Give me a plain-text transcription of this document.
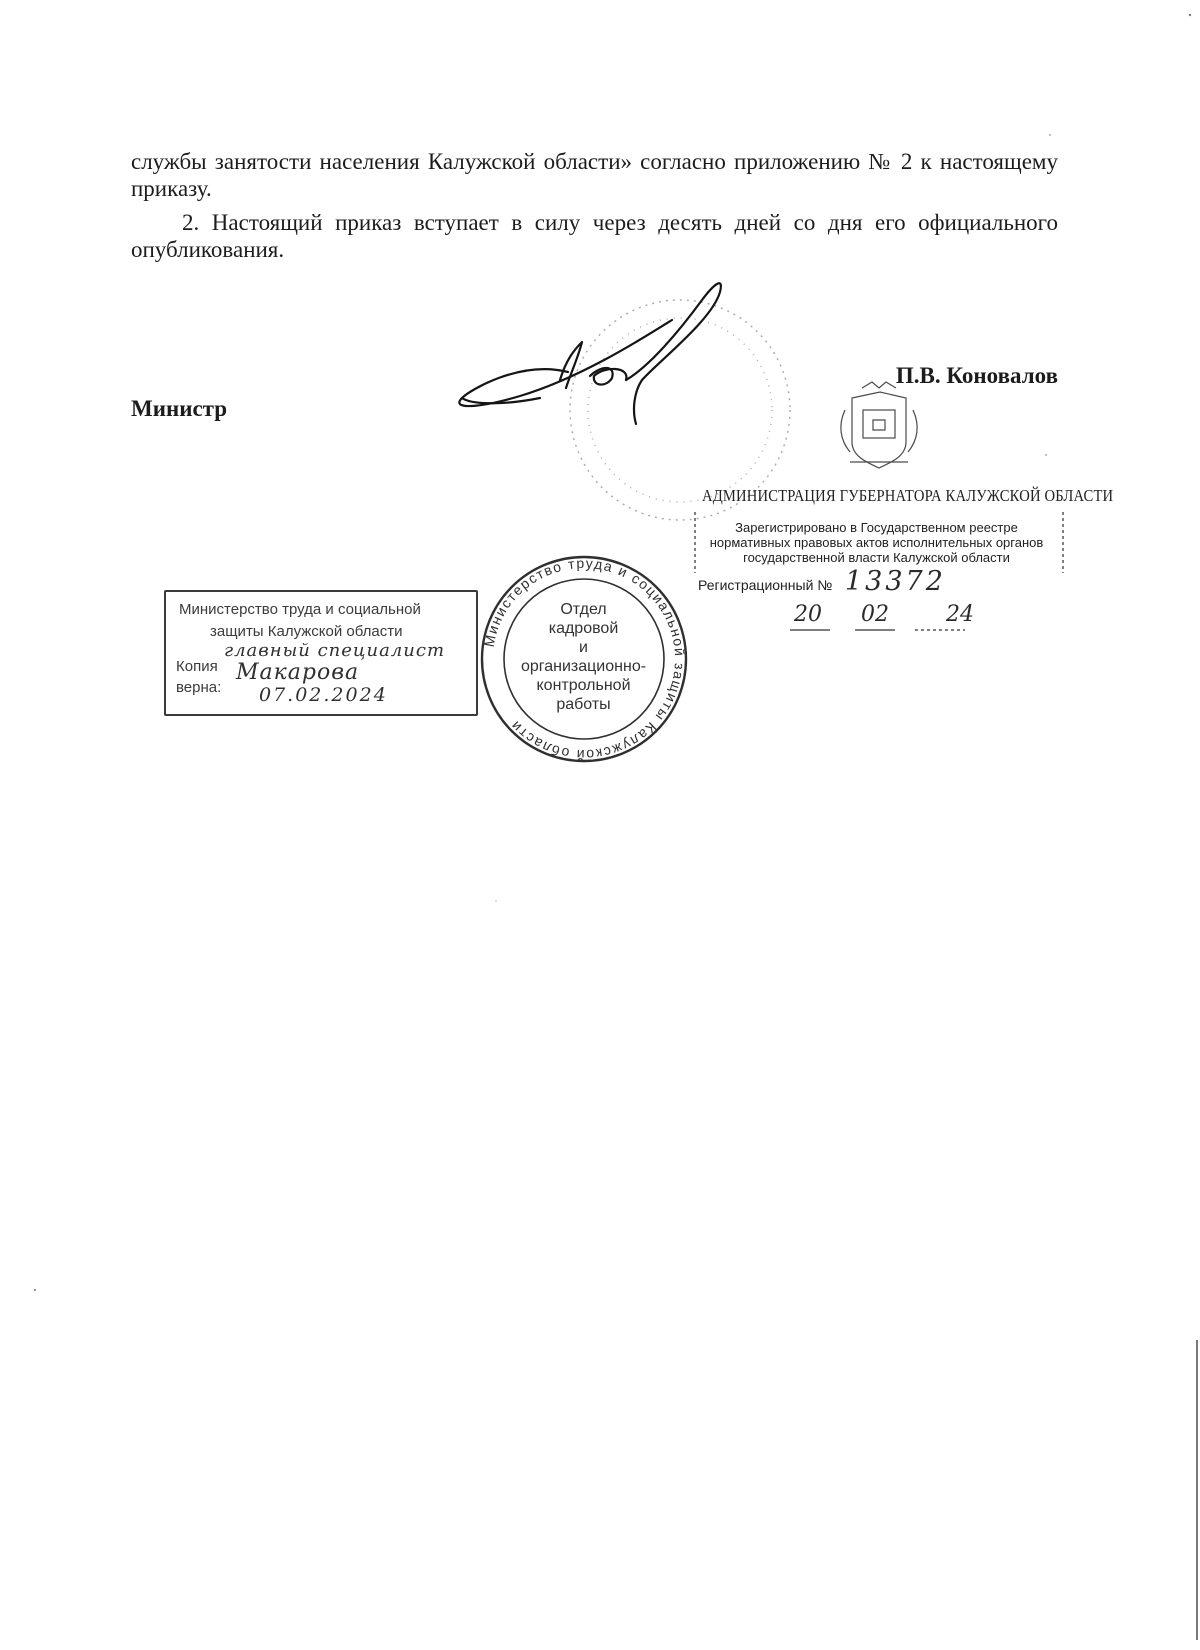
службы занятости населения Калужской области» согласно приложению № 2 к настоящему приказу.

2. Настоящий приказ вступает в силу через десять дней со дня его официального опубликования.

Министр
П.В. Коновалов
Министерство труда и социальной защиты Калужской области
АДМИНИСТРАЦИЯ ГУБЕРНАТОРА КАЛУЖСКОЙ ОБЛАСТИ
Зарегистрировано в Государственном реестре нормативных правовых актов исполнительных органов государственной власти Калужской области
Регистрационный № 13372
20 02	24
Министерство труда и социальной
защиты Калужской области
главный специалист
Копия Макарова
верна: 07.02.2024
Отдел
кадровой
и
организационно-
контрольной
работы
